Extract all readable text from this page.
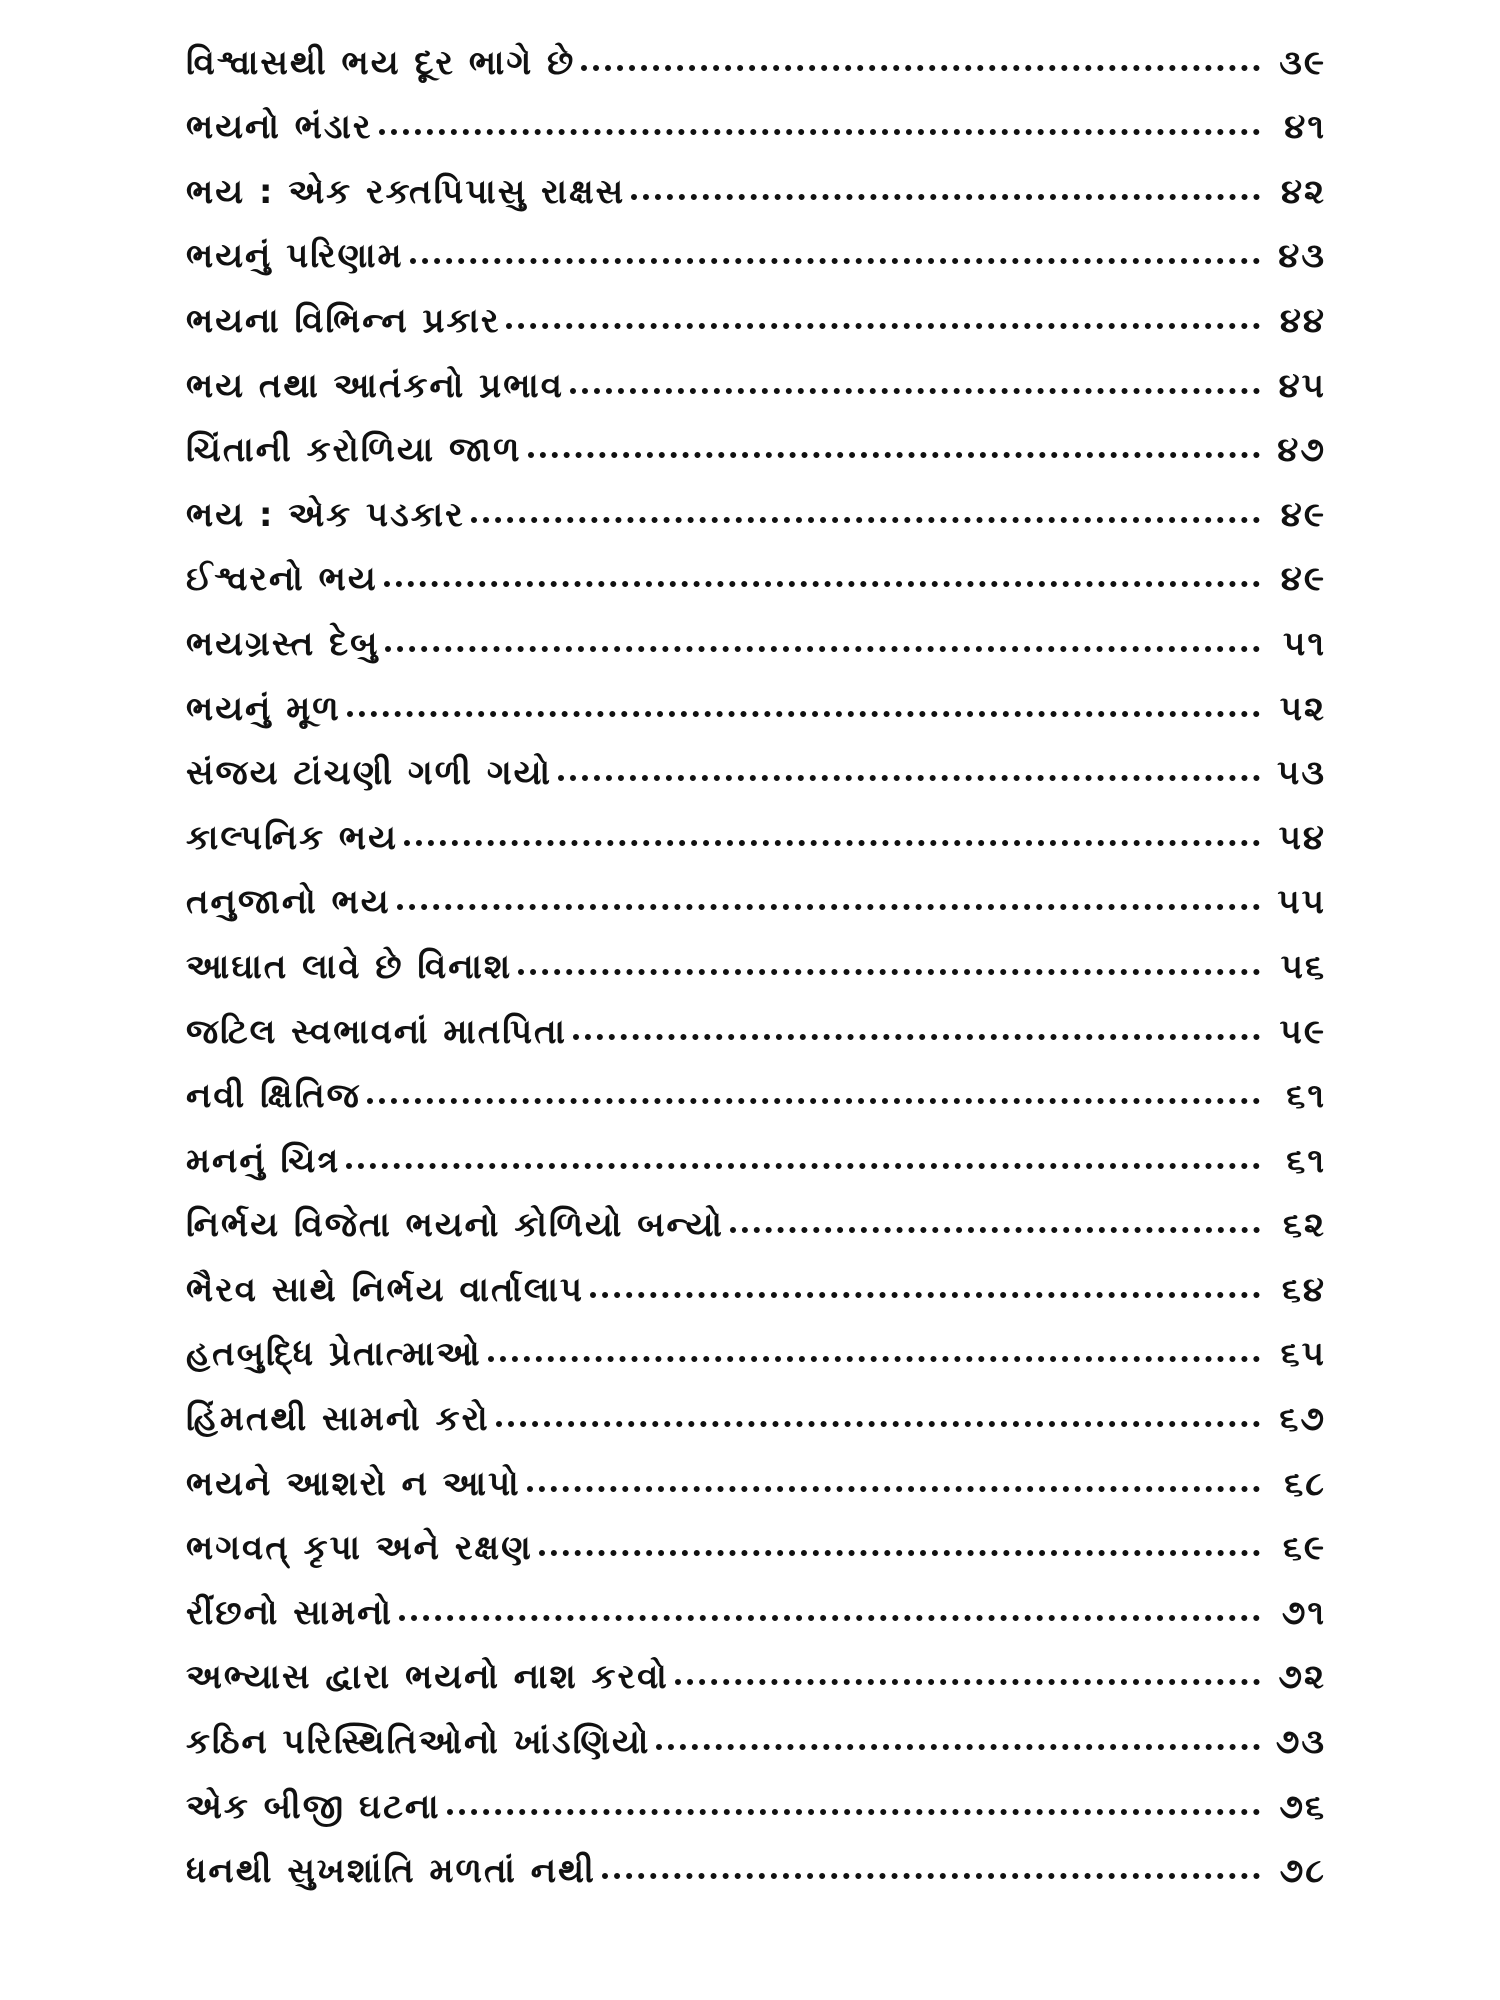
વિશ્વાસથી ભય દૂર ભાગે છે	૩૯
ભયનો ભંડાર	૪૧
ભય : એક રક્તપિપાસુ રાક્ષસ	૪૨
ભયનું પરિણામ	૪૩
ભયના વિભિન્ન પ્રકાર	૪૪
ભય તથા આતંકનો પ્રભાવ	૪૫
ચિંતાની કરોળિયા જાળ	૪૭
ભય : એક પડકાર	૪૯
ઈશ્વરનો ભય	૪૯
ભયગ્રસ્ત દેબુ	૫૧
ભયનું મૂળ	૫૨
સંજય ટાંચણી ગળી ગયો	૫૩
કાલ્પનિક ભય	૫૪
તનુજાનો ભય	૫૫
આઘાત લાવે છે વિનાશ	૫૬
જટિલ સ્વભાવનાં માતપિતા	૫૯
નવી ક્ષિતિજ	૬૧
મનનું ચિત્ર	૬૧
નિર્ભય વિજેતા ભયનો કોળિયો બન્યો	૬૨
ભૈરવ સાથે નિર્ભય વાર્તાલાપ	૬૪
હતબુદ્ધિ પ્રેતાત્માઓ	૬૫
હિંમતથી સામનો કરો	૬૭
ભયને આશરો ન આપો	૬૮
ભગવત્ કૃપા અને રક્ષણ	૬૯
રીંછનો સામનો	૭૧
અભ્યાસ દ્વારા ભયનો નાશ કરવો	૭૨
કઠિન પરિસ્થિતિઓનો ખાંડણિયો	૭૩
એક બીજી ઘટના	૭૬
ધનથી સુખશાંતિ મળતાં નથી	૭૮
